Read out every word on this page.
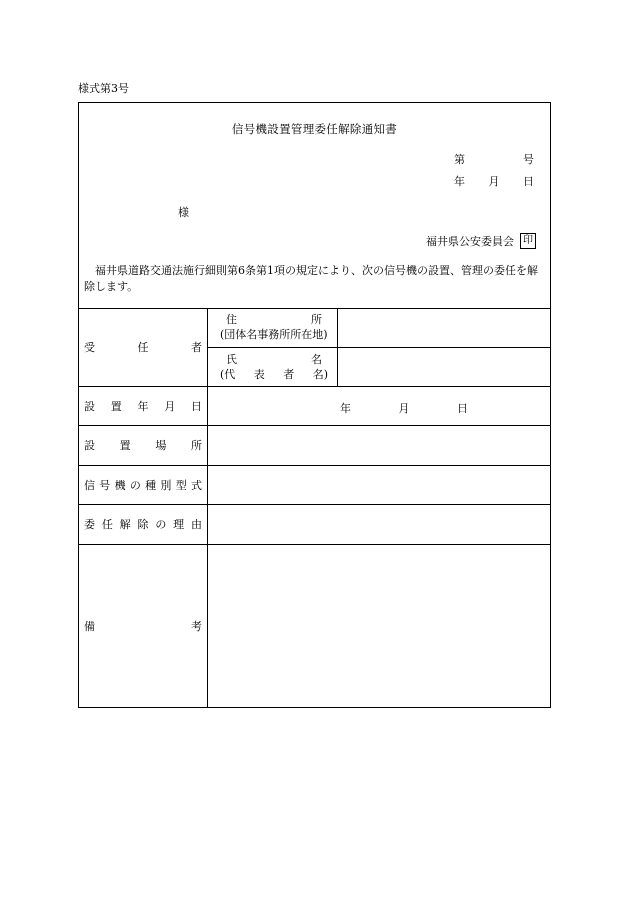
様式第3号
信号機設置管理委任解除通知書
第	号
年 月 日
様
福井県公安委員会 印
福井県道路交通法施行細則第6条第1項の規定により、次の信号機の設置、管理の委任を解除します。
受	任	者
住	所
(団体名事務所所在地)
氏	名
(代 表 者 名)
設 置 年 月 日	年	月	日
設 置 場 所
信 号 機 の 種 別 型 式
委 任 解 除 の 理 由
備	考
